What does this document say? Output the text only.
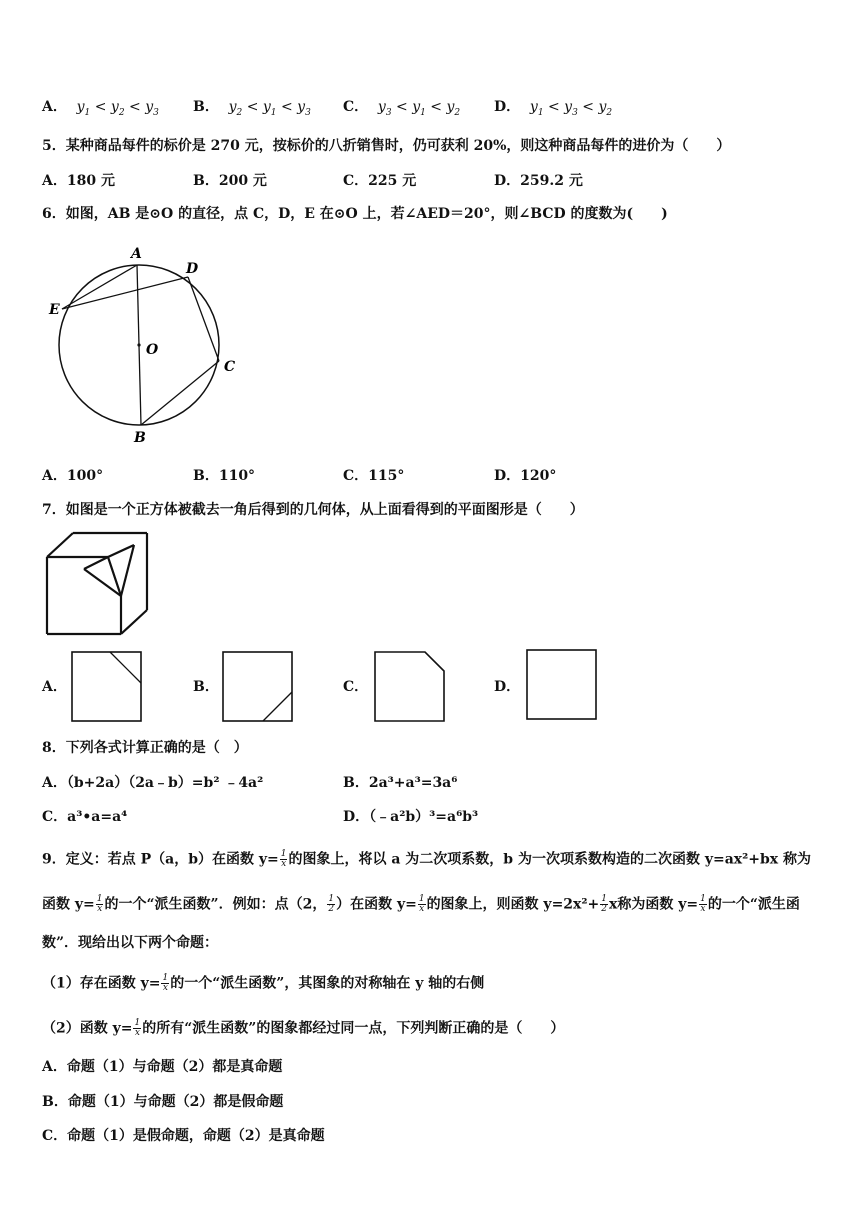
A． $y_1 < y_2 < y_3$ B． $y_2 < y_1 < y_3$ C． $y_3 < y_1 < y_2$ D． $y_1 < y_3 < y_2$
5．某种商品每件的标价是 270 元，按标价的八折销售时，仍可获利 20%，则这种商品每件的进价为（　　）
A．180 元	B．200 元	C．225 元	D．259.2 元
6．如图，AB 是⊙O 的直径，点 C，D，E 在⊙O 上，若∠AED＝20°，则∠BCD 的度数为(　　)
A
D
E
O
C
B
A．100°	B．110°	C．115°	D．120°
7．如图是一个正方体被截去一角后得到的几何体，从上面看得到的平面图形是（　　）
A．	B．	C．	D．
8．下列各式计算正确的是（　）
A．（b+2a）（2a﹣b）=b² ﹣4a²	B．2a³+a³=3a⁶
C．a³•a=a⁴	D．（﹣a²b）³=a⁶b³
9．定义：若点 P（a，b）在函数 $y= \frac{1}{x}$ 的图象上，将以 a 为二次项系数，b 为一次项系数构造的二次函数 y=ax²+bx 称为
函数 $y= \frac{1}{x}$ 的一个“派生函数”．例如：点（2， $\frac{1}{2}$ ）在函数 $y= \frac{1}{x}$ 的图象上，则函数 $y=2x^2+ \frac{1}{2}$ x称为函数 $y= \frac{1}{x}$ 的一个“派生函
数”．现给出以下两个命题：
（1）存在函数 $y= \frac{1}{x}$ 的一个“派生函数”，其图象的对称轴在 y 轴的右侧
（2）函数 $y= \frac{1}{x}$ 的所有“派生函数”的图象都经过同一点，下列判断正确的是（　　）
A．命题（1）与命题（2）都是真命题
B．命题（1）与命题（2）都是假命题
C．命题（1）是假命题，命题（2）是真命题
